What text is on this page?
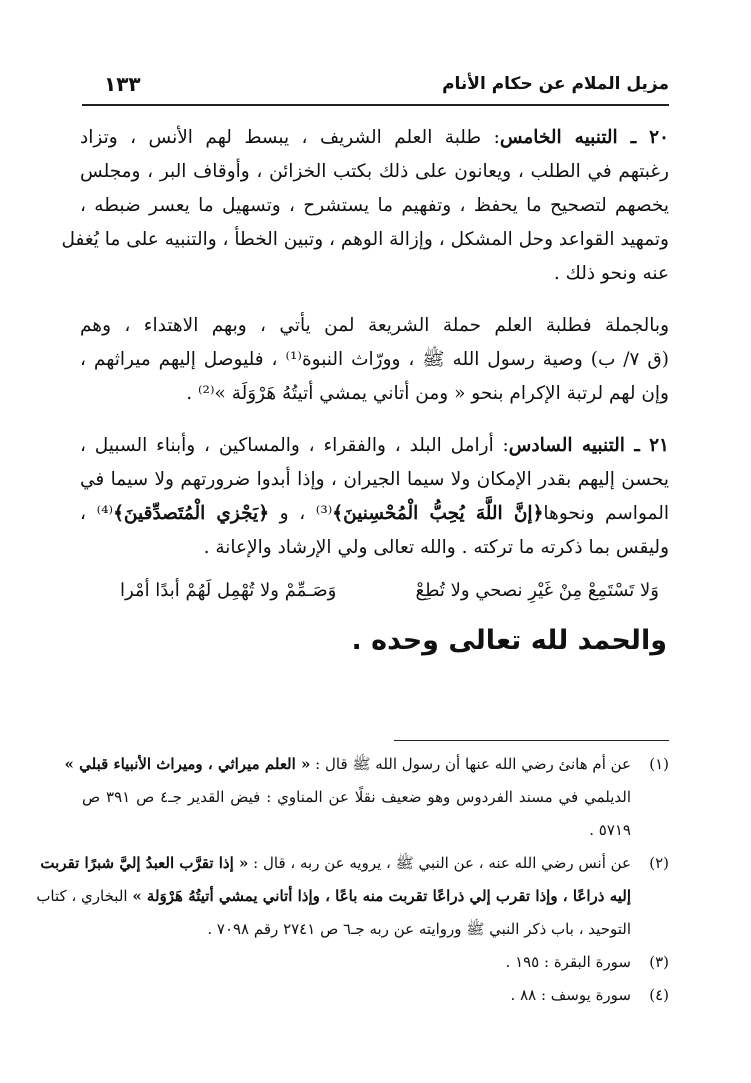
مزيل الملام عن حكام الأنام
١٣٣
٢٠ ـ التنبيه الخامس: طلبة العلم الشريف ، يبسط لهم الأنس ، وتزاد
رغبتهم في الطلب ، ويعانون على ذلك بكتب الخزائن ، وأوقاف البر ، ومجلس
يخصهم لتصحيح ما يحفظ ، وتفهيم ما يستشرح ، وتسهيل ما يعسر ضبطه ،
وتمهيد القواعد وحل المشكل ، وإزالة الوهم ، وتبين الخطأ ، والتنبيه على ما يُغفل
عنه ونحو ذلك .
وبالجملة فطلبة العلم حملة الشريعة لمن يأتي ، وبهم الاهتداء ، وهم
(ق ٧/ ب) وصية رسول الله ﷺ ، وورّاث النبوة⁽¹⁾ ، فليوصل إليهم ميراثهم ،
وإن لهم لرتبة الإكرام بنحو « ومن أتاني يمشي أتيتُهُ هَرْوَلَة »⁽²⁾ .
٢١ ـ التنبيه السادس: أرامل البلد ، والفقراء ، والمساكين ، وأبناء السبيل ،
يحسن إليهم بقدر الإمكان ولا سيما الجيران ، وإذا أبدوا ضرورتهم ولا سيما في
المواسم ونحوها﴿إنَّ اللَّهَ يُحِبُّ الْمُحْسِنينَ﴾⁽³⁾ ، و ﴿يَجْزي الْمُتَصدِّقينَ﴾⁽⁴⁾ ،
وليقس بما ذكرته ما تركته . والله تعالى ولي الإرشاد والإعانة .
وَلا تَسْتَمِعْ مِنْ غَيْرِ نصحي ولا تُطِعْ
وَصَـمِّمْ ولا تُهْمِل لَهُمْ أبدًا أمْرا
والحمد لله تعالى وحده .
(١)عن أم هانئ رضي الله عنها أن رسول الله ﷺ قال : « العلم ميراثي ، وميراث الأنبياء قبلي »
الديلمي في مسند الفردوس وهو ضعيف نقلًا عن المناوي : فيض القدير جـ٤ ص ٣٩١ ص
٥٧١٩ .
(٢)عن أنس رضي الله عنه ، عن النبي ﷺ ، يرويه عن ربه ، قال : « إذا تقرَّب العبدُ إليَّ شبرًا تقربت
إليه ذراعًا ، وإذا تقرب إلي ذراعًا تقربت منه باعًا ، وإذا أتاني يمشي أتيتُهُ هَرْوَلة » البخاري ، كتاب
التوحيد ، باب ذكر النبي ﷺ وروايته عن ربه جـ٦ ص ٢٧٤١ رقم ٧٠٩٨ .
(٣)سورة البقرة : ١٩٥ .
(٤)سورة يوسف : ٨٨ .
